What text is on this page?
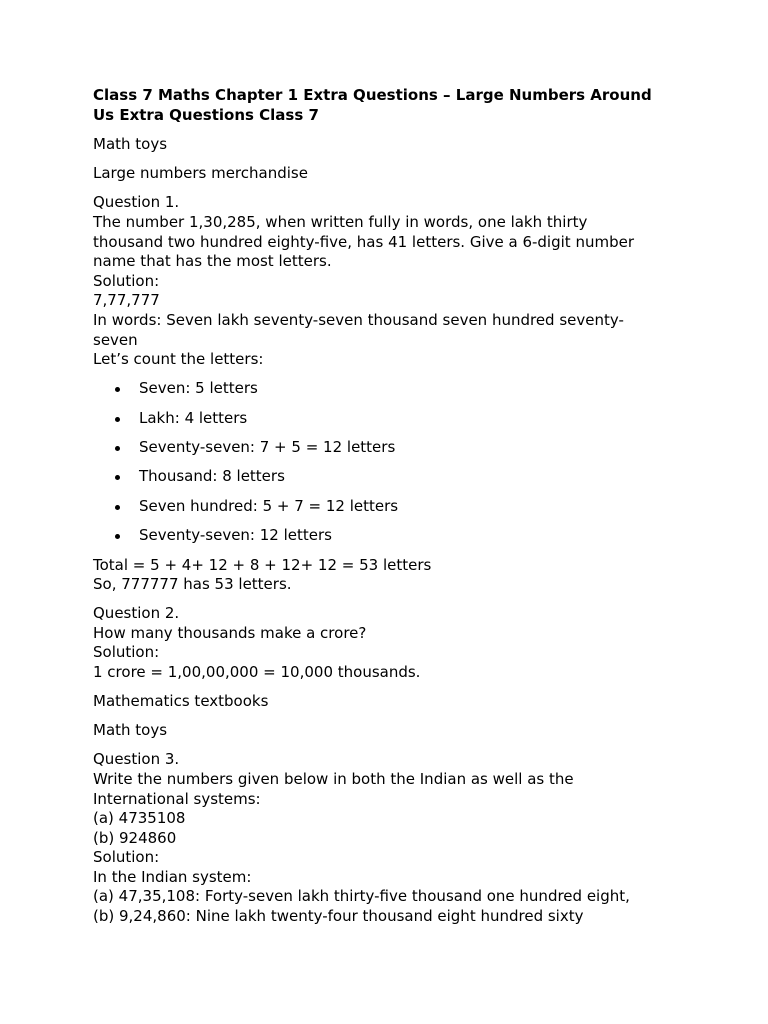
Class 7 Maths Chapter 1 Extra Questions – Large Numbers Around
Us Extra Questions Class 7
Math toys
Large numbers merchandise
Question 1.
The number 1,30,285, when written fully in words, one lakh thirty
thousand two hundred eighty-five, has 41 letters. Give a 6-digit number
name that has the most letters.
Solution:
7,77,777
In words: Seven lakh seventy-seven thousand seven hundred seventy-
seven
Let’s count the letters:
Seven: 5 letters
Lakh: 4 letters
Seventy-seven: 7 + 5 = 12 letters
Thousand: 8 letters
Seven hundred: 5 + 7 = 12 letters
Seventy-seven: 12 letters
Total = 5 + 4+ 12 + 8 + 12+ 12 = 53 letters
So, 777777 has 53 letters.
Question 2.
How many thousands make a crore?
Solution:
1 crore = 1,00,00,000 = 10,000 thousands.
Mathematics textbooks
Math toys
Question 3.
Write the numbers given below in both the Indian as well as the
International systems:
(a) 4735108
(b) 924860
Solution:
In the Indian system:
(a) 47,35,108: Forty-seven lakh thirty-five thousand one hundred eight,
(b) 9,24,860: Nine lakh twenty-four thousand eight hundred sixty
